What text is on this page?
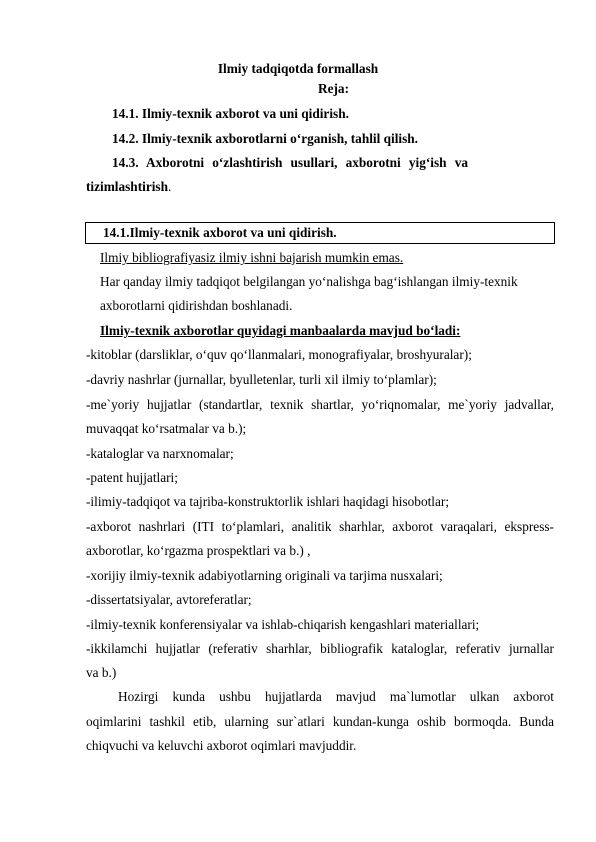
Ilmiy tadqiqotda formallash
Reja:
14.1. Ilmiy-texnik axborot va uni qidirish.
14.2. Ilmiy-texnik axborotlarni o‘rganish, tahlil qilish.
14.3. Axborotni o‘zlashtirish usullari, axborotni yig‘ish va
tizimlashtirish.
14.1.Ilmiy-texnik axborot va uni qidirish.
Ilmiy bibliografiyasiz ilmiy ishni bajarish mumkin emas.
Har qanday ilmiy tadqiqot belgilangan yo‘nalishga bag‘ishlangan ilmiy-texnik
axborotlarni qidirishdan boshlanadi.
Ilmiy-texnik axborotlar quyidagi manbaalarda mavjud bo‘ladi:
-kitoblar (darsliklar, o‘quv qo‘llanmalari, monografiyalar, broshyuralar);
-davriy nashrlar (jurnallar, byulletenlar, turli xil ilmiy to‘plamlar);
-me`yoriy hujjatlar (standartlar, texnik shartlar, yo‘riqnomalar, me`yoriy jadvallar,
muvaqqat ko‘rsatmalar va b.);
-kataloglar va narxnomalar;
-patent hujjatlari;
-ilimiy-tadqiqot va tajriba-konstruktorlik ishlari haqidagi hisobotlar;
-axborot nashrlari (ITI to‘plamlari, analitik sharhlar, axborot varaqalari, ekspress-
axborotlar, ko‘rgazma prospektlari va b.) ,
-xorijiy ilmiy-texnik adabiyotlarning originali va tarjima nusxalari;
-dissertatsiyalar, avtoreferatlar;
-ilmiy-texnik konferensiyalar va ishlab-chiqarish kengashlari materiallari;
-ikkilamchi hujjatlar (referativ sharhlar, bibliografik kataloglar, referativ jurnallar
va b.)
Hozirgi kunda ushbu hujjatlarda mavjud ma`lumotlar ulkan axborot
oqimlarini tashkil etib, ularning sur`atlari kundan-kunga oshib bormoqda. Bunda
chiqvuchi va keluvchi axborot oqimlari mavjuddir.
